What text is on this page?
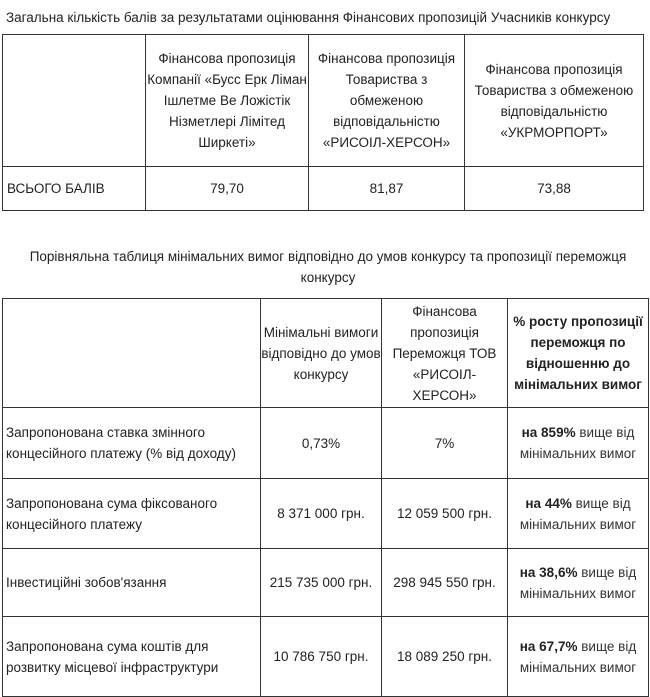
Загальна кількість балів за результатами оцінювання Фінансових пропозицій Учасників конкурсу
	Фінансова пропозиція Компанії «Бусс Ерк Ліман Ішлетме Ве Ложістік Нізметлері Лімітед Ширкеті»	Фінансова пропозиція Товариства з обмеженою відповідальністю «РИСОІЛ-ХЕРСОН»	Фінансова пропозиція Товариства з обмеженою відповідальністю «УКРМОРПОРТ»
ВСЬОГО БАЛІВ	79,70	81,87	73,88
Порівняльна таблиця мінімальних вимог відповідно до умов конкурсу та пропозиції переможця конкурсу
	Мінімальні вимоги відповідно до умов конкурсу	Фінансова пропозиція Переможця ТОВ «РИСОІЛ-ХЕРСОН»	% росту пропозиції переможця по відношенню до мінімальних вимог
Запропонована ставка змінного концесійного платежу (% від доходу)	0,73%	7%	на 859% вище від мінімальних вимог
Запропонована сума фіксованого концесійного платежу	8 371 000 грн.	12 059 500 грн.	на 44% вище від мінімальних вимог
Інвестиційні зобов'язання	215 735 000 грн.	298 945 550 грн.	на 38,6% вище від мінімальних вимог
Запропонована сума коштів для розвитку місцевої інфраструктури	10 786 750 грн.	18 089 250 грн.	на 67,7% вище від мінімальних вимог
